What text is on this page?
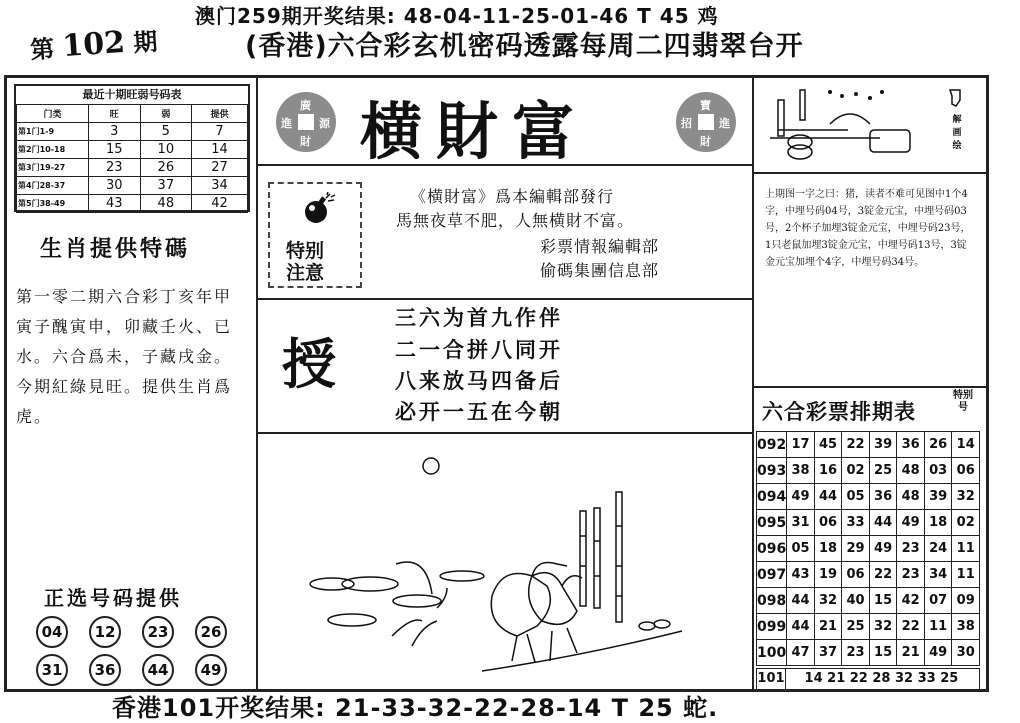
澳门259期开奖结果: 48-04-11-25-01-46 T 45 鸡
第 102 期	(香港)六合彩玄机密码透露每周二四翡翠台开
最近十期旺弱号码表
门类	旺	弱	提供
第1门1-9	3	5	7
第2门10-18	15	10	14
第3门19-27	23	26	27
第4门28-37	30	37	34
第5门38-49	43	48	42
生肖提供特碼
第一零二期六合彩丁亥年甲寅子醜寅申，卯藏壬火、已水。六合爲未，子藏戌金。今期紅綠見旺。提供生肖爲虎。
正选号码提供
04	12	23	26
31	36	44	49
廣
進 源
財 横財富	寶
招 進
財
特别
注意
《横財富》爲本編輯部發行
馬無夜草不肥，人無横財不富。
彩票情報編輯部
偷碼集團信息部
授
三六为首九作伴
二一合拼八同开
八来放马四备后
必开一五在今朝
解画绘
上期图一字之曰：猪，读者不难可见图中1个4字，中埋号码04号，3锭金元宝，中埋号码03号，2个杯子加埋3锭金元宝，中埋号码23号，1只老鼠加埋3锭金元宝，中埋号码13号，3锭金元宝加埋个4字，中埋号码34号。
六合彩票排期表
特别号
092	17	45	22	39	36	26	14
093	38	16	02	25	48	03	06
094	49	44	05	36	48	39	32
095	31	06	33	44	49	18	02
096	05	18	29	49	23	24	11
097	43	19	06	22	23	34	11
098	44	32	40	15	42	07	09
099	44	21	25	32	22	11	38
100	47	37	23	15	21	49	30
101 14 21 22 28 32 33 25
香港101开奖结果: 21-33-32-22-28-14 T 25 蛇.
